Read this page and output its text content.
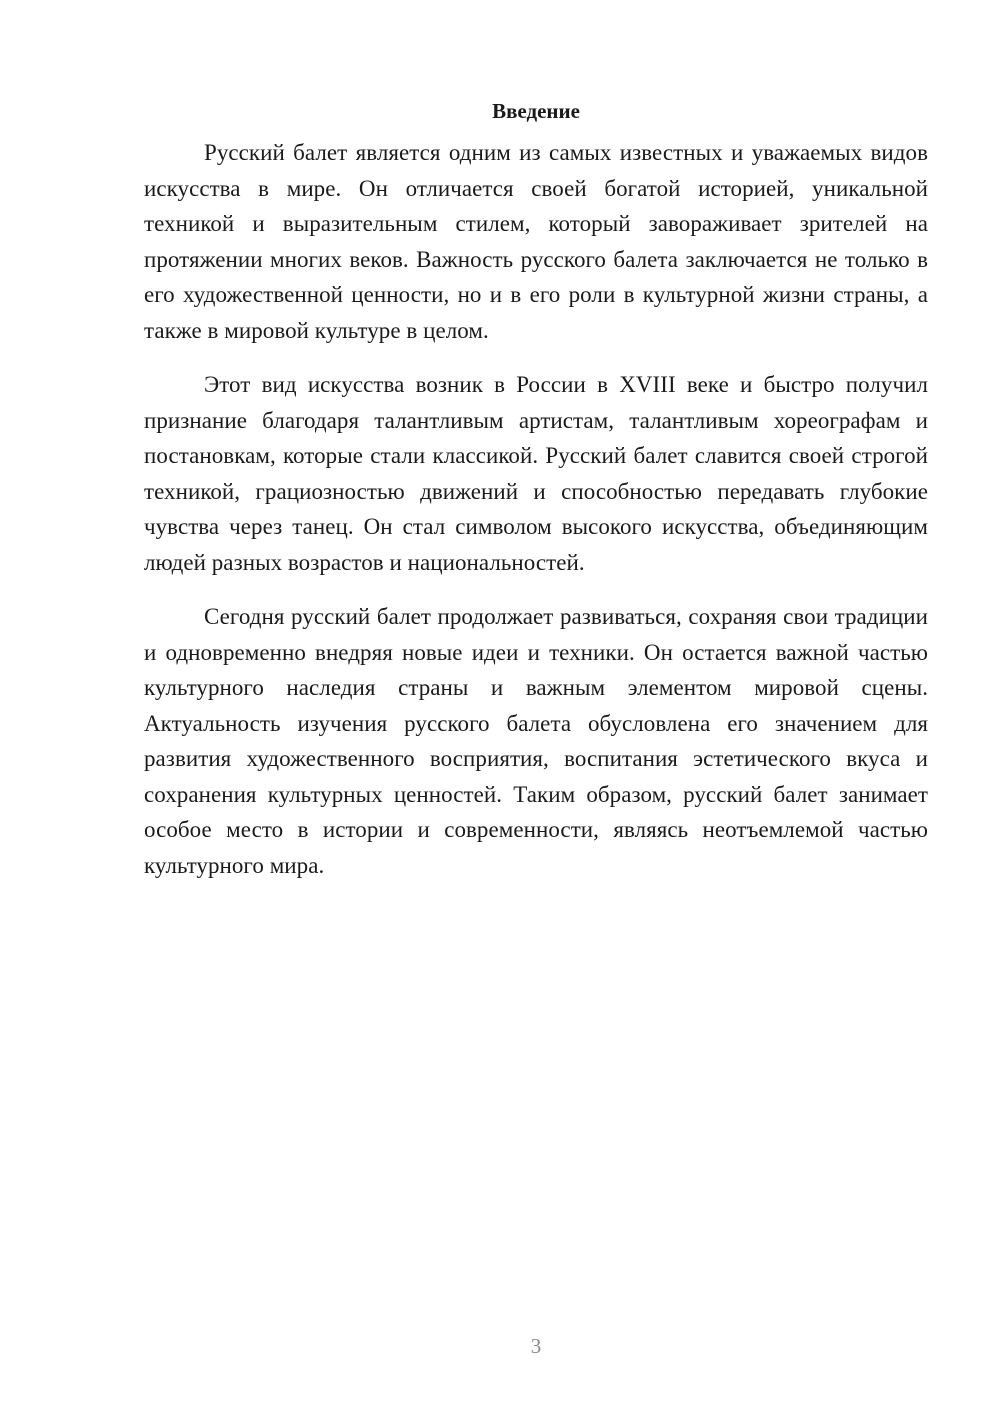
Введение

Русский балет является одним из самых известных и уважаемых видов искусства в мире. Он отличается своей богатой историей, уникальной техникой и выразительным стилем, который завораживает зрителей на протяжении многих веков. Важность русского балета заключается не только в его художественной ценности, но и в его роли в культурной жизни страны, а также в мировой культуре в целом.

Этот вид искусства возник в России в XVIII веке и быстро получил признание благодаря талантливым артистам, талантливым хореографам и постановкам, которые стали классикой. Русский балет славится своей строгой техникой, грациозностью движений и способностью передавать глубокие чувства через танец. Он стал символом высокого искусства, объединяющим людей разных возрастов и национальностей.

Сегодня русский балет продолжает развиваться, сохраняя свои традиции и одновременно внедряя новые идеи и техники. Он остается важной частью культурного наследия страны и важным элементом мировой сцены. Актуальность изучения русского балета обусловлена его значением для развития художественного восприятия, воспитания эстетического вкуса и сохранения культурных ценностей. Таким образом, русский балет занимает особое место в истории и современности, являясь неотъемлемой частью культурного мира.

3
